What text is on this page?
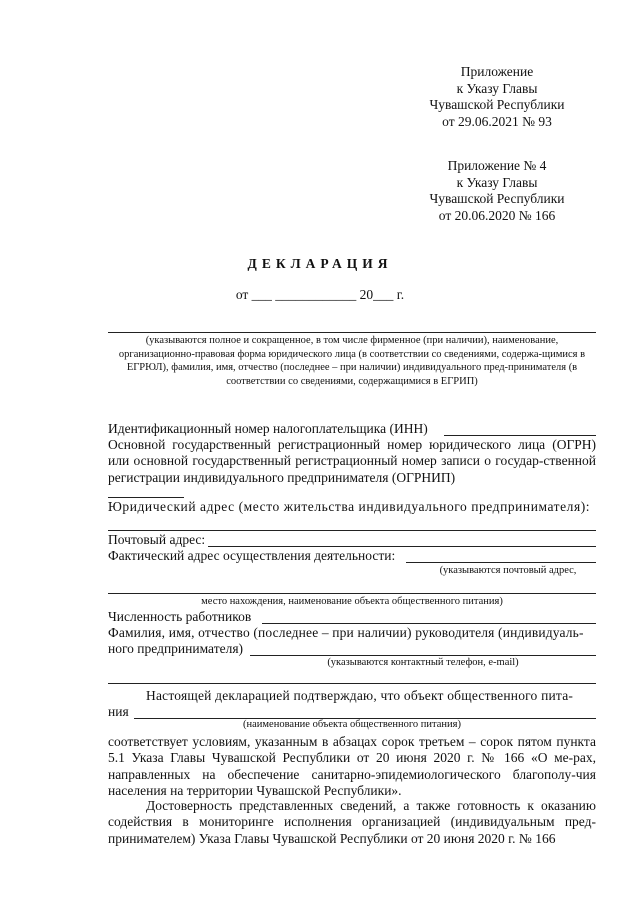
Приложение
к Указу Главы
Чувашской Республики
от 29.06.2021 № 93
Приложение № 4
к Указу Главы
Чувашской Республики
от 20.06.2020 № 166
ДЕКЛАРАЦИЯ
от ___ ____________ 20___ г.
(указываются полное и сокращенное, в том числе фирменное (при наличии), наименование, организационно-правовая форма юридического лица (в соответствии со сведениями, содержа-щимися в ЕГРЮЛ), фамилия, имя, отчество (последнее – при наличии) индивидуального пред-принимателя (в соответствии со сведениями, содержащимися в ЕГРИП)
Идентификационный номер налогоплательщика (ИНН)
Основной государственный регистрационный номер юридического лица (ОГРН) или основной государственный регистрационный номер записи о государ-ственной регистрации индивидуального предпринимателя (ОГРНИП)
Юридический адрес (место жительства индивидуального предпринимателя):
Почтовый адрес:
Фактический адрес осуществления деятельности:
(указываются почтовый адрес,
место нахождения, наименование объекта общественного питания)
Численность работников
Фамилия, имя, отчество (последнее – при наличии) руководителя (индивидуаль-
ного предпринимателя)
(указываются контактный телефон, e-mail)
Настоящей декларацией подтверждаю, что объект общественного пита-
ния
(наименование объекта общественного питания)
соответствует условиям, указанным в абзацах сорок третьем – сорок пятом пункта 5.1 Указа Главы Чувашской Республики от 20 июня 2020 г. № 166 «О ме-рах, направленных на обеспечение санитарно-эпидемиологического благополу-чия населения на территории Чувашской Республики».
Достоверность представленных сведений, а также готовность к оказанию содействия в мониторинге исполнения организацией (индивидуальным пред-принимателем) Указа Главы Чувашской Республики от 20 июня 2020 г. № 166
